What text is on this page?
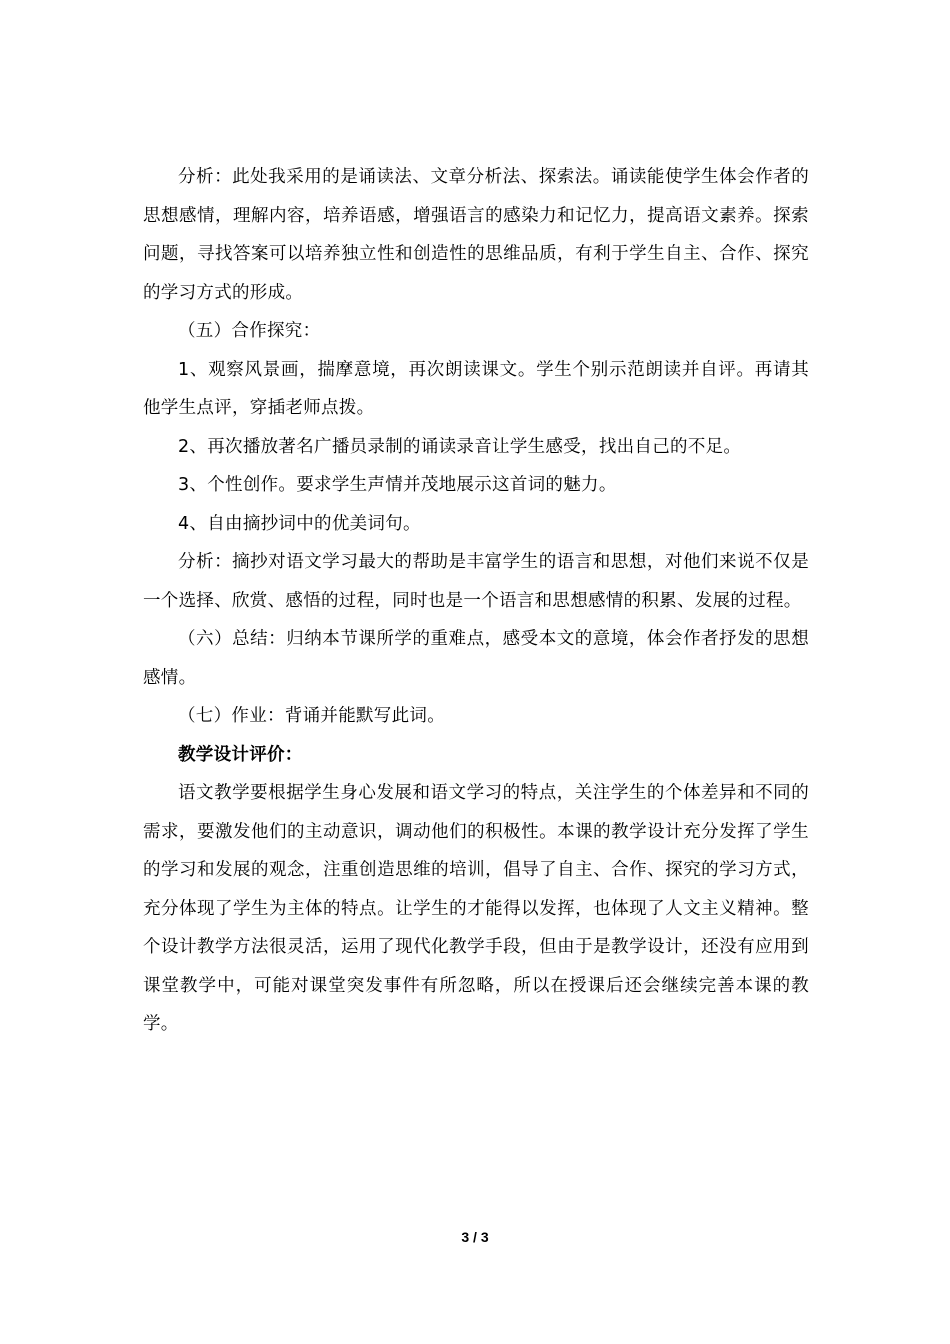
分析：此处我采用的是诵读法、文章分析法、探索法。诵读能使学生体会作者的思想感情，理解内容，培养语感，增强语言的感染力和记忆力，提高语文素养。探索问题，寻找答案可以培养独立性和创造性的思维品质，有利于学生自主、合作、探究的学习方式的形成。

（五）合作探究：

1、观察风景画，揣摩意境，再次朗读课文。学生个别示范朗读并自评。再请其他学生点评，穿插老师点拨。

2、再次播放著名广播员录制的诵读录音让学生感受，找出自己的不足。

3、个性创作。要求学生声情并茂地展示这首词的魅力。

4、自由摘抄词中的优美词句。

分析：摘抄对语文学习最大的帮助是丰富学生的语言和思想，对他们来说不仅是一个选择、欣赏、感悟的过程，同时也是一个语言和思想感情的积累、发展的过程。

（六）总结：归纳本节课所学的重难点，感受本文的意境，体会作者抒发的思想感情。

（七）作业：背诵并能默写此词。

教学设计评价：

语文教学要根据学生身心发展和语文学习的特点，关注学生的个体差异和不同的需求，要激发他们的主动意识，调动他们的积极性。本课的教学设计充分发挥了学生的学习和发展的观念，注重创造思维的培训，倡导了自主、合作、探究的学习方式，充分体现了学生为主体的特点。让学生的才能得以发挥，也体现了人文主义精神。整个设计教学方法很灵活，运用了现代化教学手段，但由于是教学设计，还没有应用到课堂教学中，可能对课堂突发事件有所忽略，所以在授课后还会继续完善本课的教学。

3 / 3
